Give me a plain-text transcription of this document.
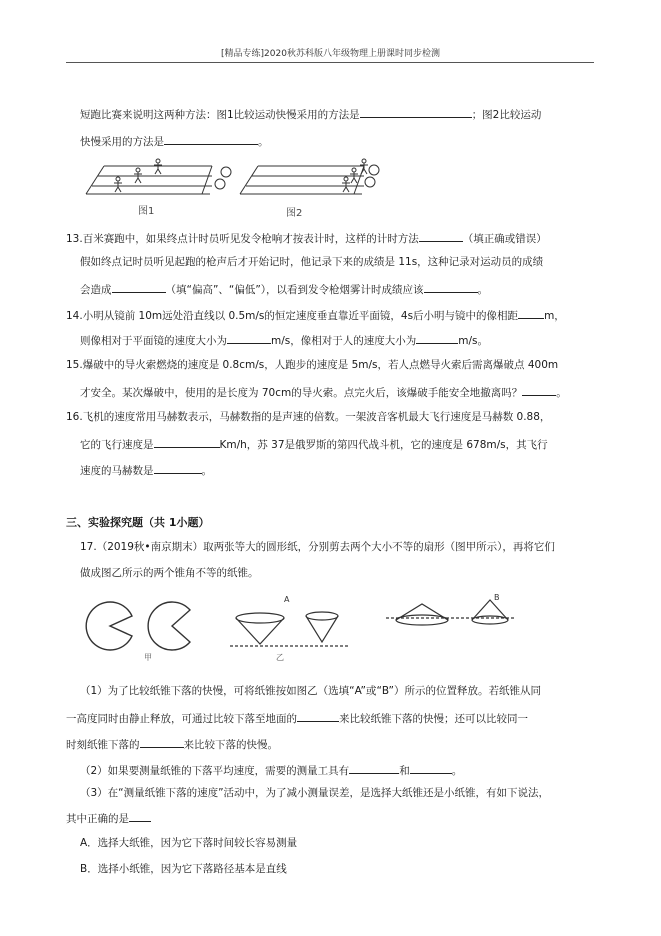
[精品专练]2020秋苏科版八年级物理上册课时同步检测
短跑比赛来说明这两种方法：图1比较运动快慢采用的方法是	；图2比较运动
快慢采用的方法是	。
图1	图2
13.百米赛跑中，如果终点计时员听见发令枪响才按表计时，这样的计时方法	（填正确或错误）
假如终点记时员听见起跑的枪声后才开始记时，他记录下来的成绩是 11s，这种记录对运动员的成绩
会造成	（填“偏高”、“偏低”），以看到发令枪烟雾计时成绩应该	。
14.小明从镜前 10m远处沿直线以 0.5m/s的恒定速度垂直靠近平面镜，4s后小明与镜中的像相距 m，
则像相对于平面镜的速度大小为	m/s，像相对于人的速度大小为	m/s。
15.爆破中的导火索燃烧的速度是 0.8cm/s，人跑步的速度是 5m/s，若人点燃导火索后需离爆破点 400m
才安全。某次爆破中，使用的是长度为 70cm的导火索。点完火后，该爆破手能安全地撤离吗？	。
16.飞机的速度常用马赫数表示，马赫数指的是声速的倍数。一架波音客机最大飞行速度是马赫数 0.88，
它的飞行速度是	Km/h，苏 37是俄罗斯的第四代战斗机，它的速度是 678m/s，其飞行
速度的马赫数是	。
三、实验探究题（共 1小题）
17.（2019秋•南京期末）取两张等大的圆形纸，分别剪去两个大小不等的扇形（图甲所示），再将它们
做成图乙所示的两个锥角不等的纸锥。
甲
A	B
乙
（1）为了比较纸锥下落的快慢，可将纸锥按如图乙（选填“A”或“B”）所示的位置释放。若纸锥从同
一高度同时由静止释放，可通过比较下落至地面的	来比较纸锥下落的快慢；还可以比较同一
时刻纸锥下落的	来比较下落的快慢。
（2）如果要测量纸锥的下落平均速度，需要的测量工具有	和	。
（3）在“测量纸锥下落的速度”活动中，为了减小测量误差，是选择大纸锥还是小纸锥，有如下说法，
其中正确的是
A．选择大纸锥，因为它下落时间较长容易测量
B．选择小纸锥，因为它下落路径基本是直线
